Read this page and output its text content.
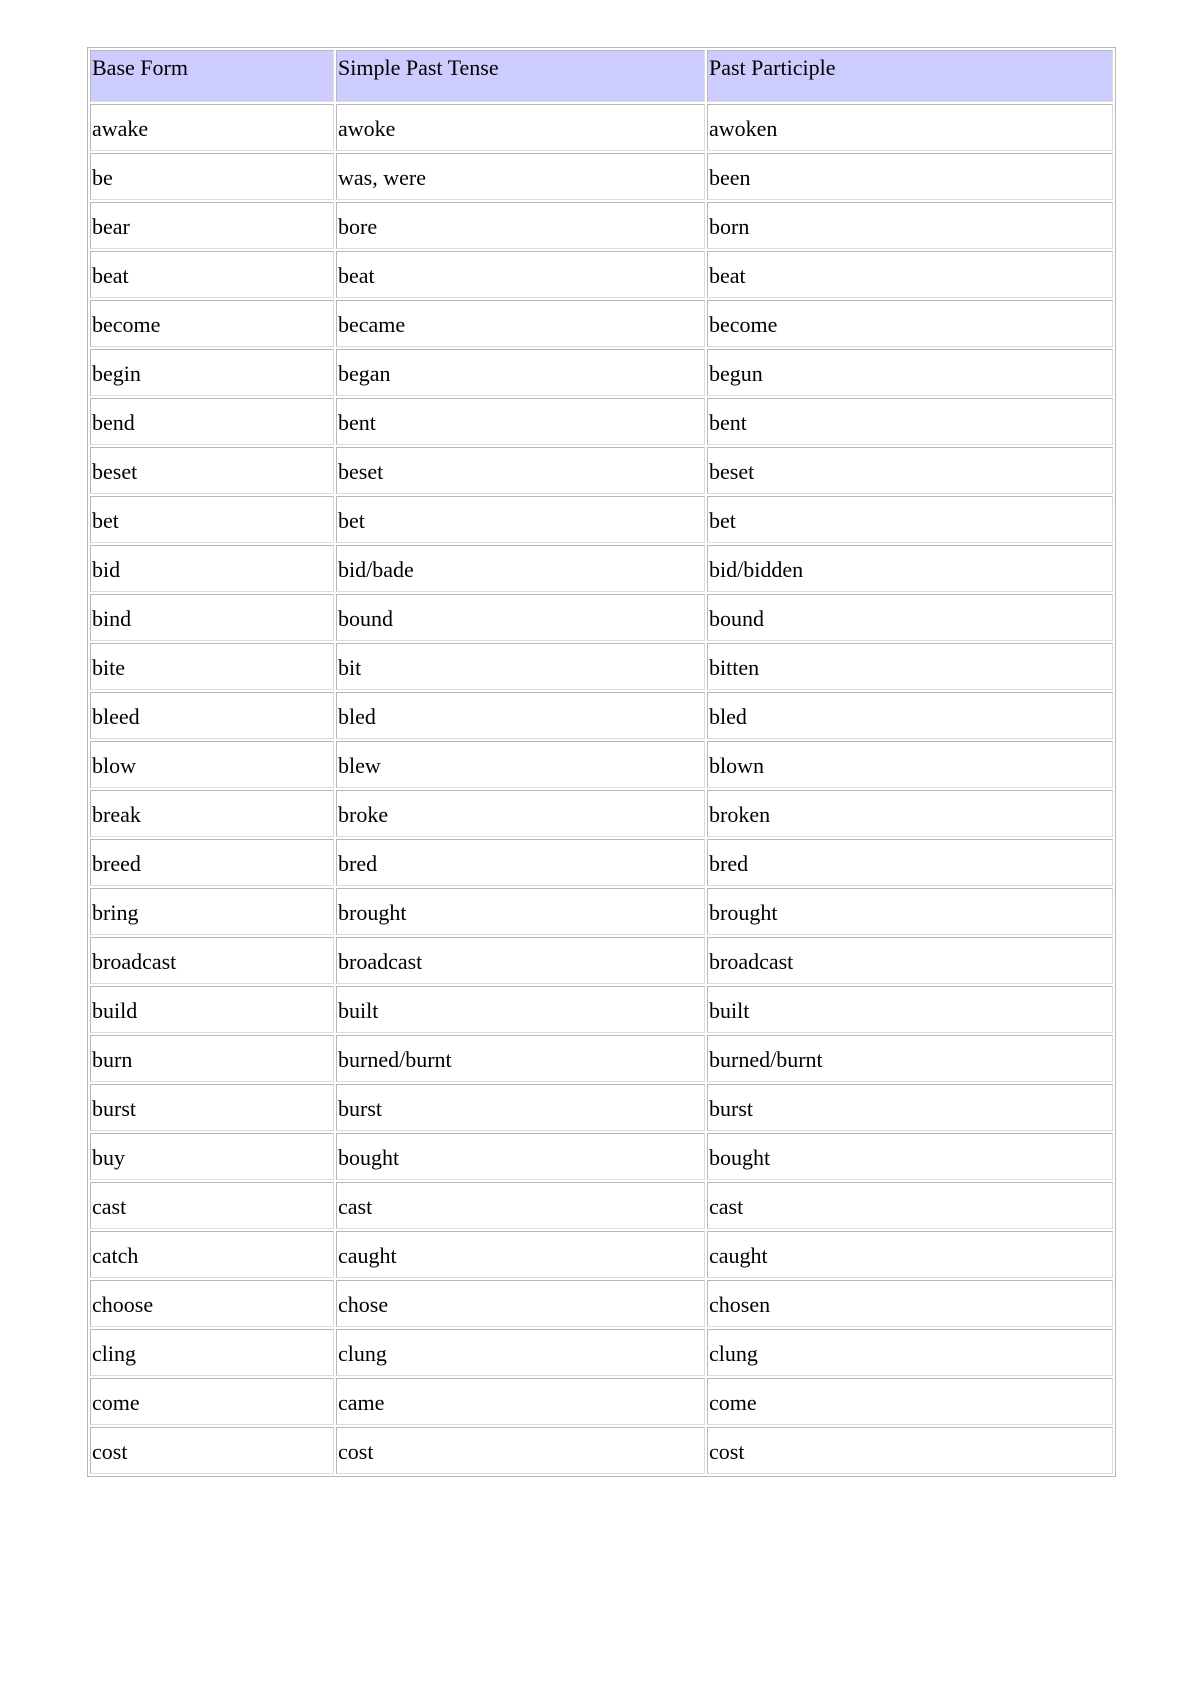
Base Form	Simple Past Tense	Past Participle
awake	awoke	awoken
be	was, were	been
bear	bore	born
beat	beat	beat
become	became	become
begin	began	begun
bend	bent	bent
beset	beset	beset
bet	bet	bet
bid	bid/bade	bid/bidden
bind	bound	bound
bite	bit	bitten
bleed	bled	bled
blow	blew	blown
break	broke	broken
breed	bred	bred
bring	brought	brought
broadcast	broadcast	broadcast
build	built	built
burn	burned/burnt	burned/burnt
burst	burst	burst
buy	bought	bought
cast	cast	cast
catch	caught	caught
choose	chose	chosen
cling	clung	clung
come	came	come
cost	cost	cost
